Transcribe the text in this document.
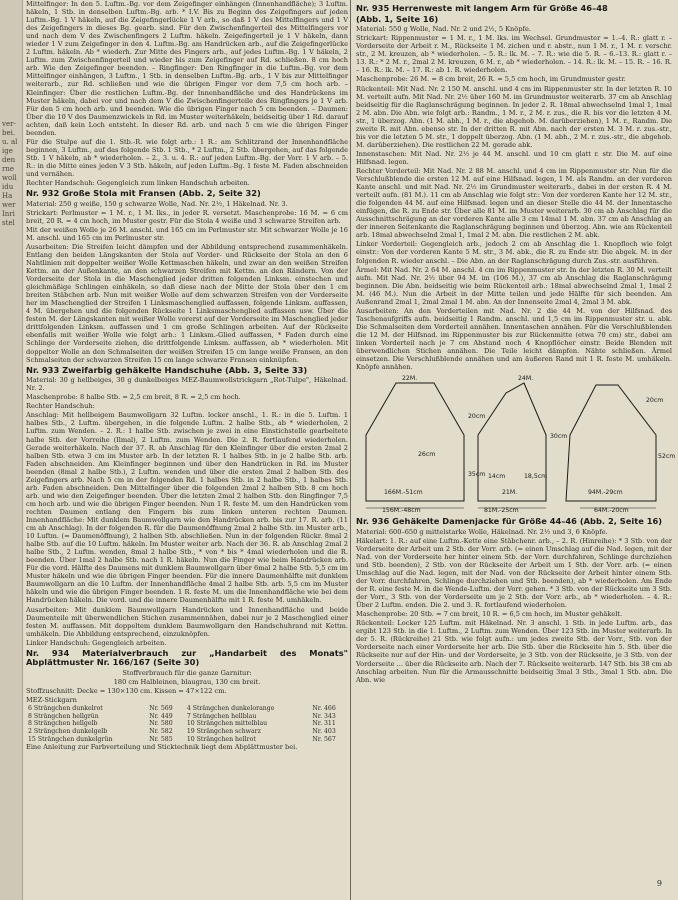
ver-
bei.
u. al
ige
den
rne
woll
idu
Ha
wer
Inri
stel

Mittelfinger: In den 5. Luftm.-Bg. vor dem Zeigefinger einhängen (Innenhandfläche); 3 Luftm. häkeln, 1 Stb. in denselben Luftm.-Bg. arb. * I.V. Bis zu Beginn des Zeigefingers auf jeden Luftm.-Bg. 1 V häkeln, auf die Zeigefingerlücke 1 V arb., so daß 1 V des Mittelfingers und 1 V des Zeigefingers in dieses Bg. gearb. sind. Für den Zwischenfingerteil des Mittelfingers vor und nach dem V des Zwischenfingers 2 Luftm. häkeln. Zeigefingerteil je 1 V häkeln, dann wieder 1 V zum Zeigefinger in den 4. Luftm.-Bg. am Handrücken arb., auf die Zeigefingerlücke 2 Luftm. häkeln. Ab * wiederh. Zur Mitte des Fingers arb., auf jedes Luftm.-Bg. 1 V häkeln, 2 Luftm. zum Zwischenfingerteil und wieder bis zum Zeigefinger auf Rd. schließen. 8 cm hoch arb. Wie den Zeigefinger beenden. – Ringfinger: Den Ringfinger in die Luftm.-Bg. vor dem Mittelfinger einhängen, 3 Luftm., 1 Stb. in denselben Luftm.-Bg. arb., 1 V bis zur Mittelfinger weiterarb., zur Rd. schließen und wie die übrigen Finger vor dem 7,5 cm hoch arb. – Kleinfinger: Über die restlichen Luftm.-Bg. der Innenhandfläche und des Handrückens im Muster häkeln, dabei vor und nach dem V die Zwischenfingerteile des Ringfingers je 1 V arb. Für den 5 cm hoch arb. und beenden. Wie die übrigen Finger nach 5 cm beenden. – Daumen: Über die 10 V des Daumenzwickels in Rd. im Muster weiterhäkeln, beidseitig über 1 Rd. darauf achten, daß kein Loch entsteht. In dieser Rd. arb. und nach 5 cm wie die übrigen Finger beenden.

Für die Stulpe auf die 1. Stb.-R. wie folgt arb.: 1 R.: am Schlitzrand der Innenhandfläche beginnen, 3 Luftm., auf das folgende Stb. 1 Stb., * 2 Luftm., 2 Stb. übergehen, auf das folgende Stb. 1 V häkeln, ab * wiederholen. – 2., 3. u. 4. R.: auf jeden Luftm.-Bg. der Vorr. 1 V arb. – 5. R.: in die Mitte eines jeden V 3 Stb. häkeln, auf jeden Luftm.-Bg. 1 feste M. Faden abschneiden und vernähen.

Rechter Handschuh: Gegengleich zum linken Handschuh arbeiten.

Nr. 932 Große Stola mit Fransen (Abb. 2, Seite 32)

Material: 250 g weiße, 150 g schwarze Wolle, Nad. Nr. 2½, 1 Häkelnad. Nr. 3.

Strickart: Perlmuster = 1 M. r., 1 M. lks., in jeder R. versetzt. Maschenprobe: 16 M. = 6 cm breit, 20 R. = 4 cm hoch, im Muster gestr. Für die Stola 4 weiße und 3 schwarze Streifen arb.

Mit der weißen Wolle je 26 M. anschl. und 165 cm im Perlmuster str. Mit schwarzer Wolle je 16 M. anschl. und 165 cm im Perlmuster str.

Ausarbeiten: Die Streifen leicht dämpfen und der Abbildung entsprechend zusammenhäkeln. Entlang den beiden Längskanten der Stola auf Vorder- und Rückseite der Stola an den 6 Nahtlinien mit doppelter weißer Wolle Kettmaschen häkeln, und zwar an den weißen Streifen Kettm. an der Außenkante, an den schwarzen Streifen mit Kettm. an den Rändern. Von der Vorderseite der Stola in die Maschenglied jeder dritten folgenden Linksm. einstechen und gleichmäßige Schlingen einhäkeln, so daß diese nach der Mitte der Stola über den 1 cm breiten Stäbchen arb. Nun mit weißer Wolle auf dem schwarzen Streifen von der Vorderseite her im Maschenglied der Streifen 1 Linksmaschenglied auffassen, folgende Linksm. auffassen, 4 M. übergehen und die folgenden Rückseite 1 Linksmaschenglied auffassen usw. Über die festen M. der Längskanten mit weißer Wolle vorerst auf der Vorderseite im Maschenglied jeder drittfolgenden Linksm. auffassen und 1 cm große Schlingen arbeiten. Auf der Rückseite ebenfalls mit weißer Wolle wie folgt arb.: 1 Linksm.-Glied auffassen, * Faden durch eine Schlinge der Vorderseite ziehen, die drittfolgende Linksm. auffassen, ab * wiederholen. Mit doppelter Wolle an den Schmalseiten der weißen Streifen 15 cm lange weiße Fransen, an den Schmalseiten der schwarzen Streifen 15 cm lange schwarze Fransen einknüpfen.

Nr. 933 Zweifarbig gehäkelte Handschuhe (Abb. 3, Seite 33)

Material: 30 g hellbeiges, 30 g dunkelbeiges MEZ-Baumwollstrickgarn „Rot-Tulpe", Häkelnad. Nr. 2.

Maschenprobe: 8 halbe Stb. = 2,5 cm breit, 8 R. = 2,5 cm hoch.

Rechter Handschuh:

Anschlag: Mit hellbeigem Baumwollgarn 32 Luftm. locker anschl., 1. R.: in die 5. Luftm. 1 halbes Stb., 2 Luftm. übergehen, in die folgende Luftm. 2 halbe Stb., ab * wiederholen, 2 Luftm. zum Wenden. – 2. R.: 1 halbe Stb. zwischen je zwei in eine Einstichstelle gearbeitete halbe Stb. der Vorreihe (Ilmal), 2 Luftm. zum Wenden. Die 2. R. fortlaufend wiederholen. Gerade weiterhäkeln. Nach der 37. R. ab Anschlag für den Kleinfinger über die ersten 2mal 2 halben Stb. etwa 3 cm im Muster arb. In der letzten R. 1 halbes Stb. in je 2 halbe Stb. arb. Faden abschneiden. Am Kleinfinger beginnen und über den Handrücken in Rd. im Muster beenden (8mal 2 halbe Stb.), 2 Luftm. wenden und über die ersten 2mal 2 halben Stb. des Zeigefingers arb. Nach 5 cm in der folgenden Rd. 1 halbes Stb. in 2 halbe Stb., 1 halbes Stb. arb. Faden abschneiden. Den Mittelfinger über die folgenden 2mal 2 halben Stb. 8 cm hoch arb. und wie den Zeigefinger beenden. Über die letzten 2mal 2 halben Stb. den Ringfinger 7,5 cm hoch arb. und wie die übrigen Finger beenden. Nun 1 R. feste M. um den Handrücken vom rechten Daumen entlang den Fingern bis zum linken unteren rechten Daumen. Innenhandfläche: Mit dunklem Baumwollgarn wie den Handrücken arb. bis zur 17. R. arb. (11 cm ab Anschlag). In der folgenden R. für die Daumenöffnung 2mal 2 halbe Stb. im Muster arb., 10 Luftm. (= Daumenöffnung), 2 halben Stb. abschließen. Nun in der folgenden Rückr. 8mal 2 halbe Stb. auf die 10 Luftm. häkeln. Im Muster weiter arb. Nach der 36. R. ab Anschlag 2mal 2 halbe Stb., 2 Luftm. wenden, 8mal 2 halbe Stb., * von * bis * 4mal wiederholen und die R. beenden. Über 1mal 2 halbe Stb. nach 1 R. häkeln. Nun die Finger wie beim Handrücken arb. Für die vord. Hälfte des Daumens mit dunklem Baumwollgarn über 6mal 2 halbe Stb. 5,5 cm im Muster häkeln und wie die übrigen Finger beenden. Für die innere Daumenhälfte mit dunklem Baumwollgarn an die 10 Luftm. der Innenhandfläche 4mal 2 halbe Stb. arb. 5,5 cm im Muster häkeln und wie die übrigen Finger beenden. 1 R. feste M. um die Innenhandfläche wie bei dem Handrücken häkeln. Die vord. und die innere Daumenhälfte mit 1 R. feste M. umhäkeln.

Ausarbeiten: Mit dunklem Baumwollgarn Handrücken und Innenhandfläche und beide Daumenteile mit überwendlichen Stichen zusammennähen, dabei nur je 2 Maschenglied einer festen M. auffassen. Mit doppeltem dunklem Baumwollgarn den Handschuhrand mit Kettm. umhäkeln. Die Abbildung entsprechend, einzuknöpfen.

Linker Handschuh: Gegengleich arbeiten.

Nr. 934 Materialverbrauch zur „Handarbeit des Monats" Abplättmuster Nr. 166/167 (Seite 30)

Stoffverbrauch für die ganze Garnitur:

180 cm Halbleinen, blaugrau, 130 cm breit.

Stoffzuschnitt: Decke = 130×130 cm. Kissen = 47×122 cm.

MEZ-Stickgarn

6 Strängchen dunkelrot	Nr. 569	4 Strängchen dunkelorange	Nr. 466
8 Strängchen hellgrün	Nr. 449	7 Strängchen hellblau	Nr. 343
8 Strängchen hellgelb	Nr. 580	10 Strängchen mittelblau	Nr. 311
2 Strängchen dunkelgelb	Nr. 582	19 Strängchen schwarz	Nr. 403
15 Strängchen dunkelgrün	Nr. 585	10 Strängchen hellrot	Nr. 567

Eine Anleitung zur Farbverteilung und Sticktechnik liegt dem Abplättmuster bei.

Nr. 935 Herrenweste mit langem Arm für Größe 46–48
(Abb. 1, Seite 16)

Material: 550 g Wolle, Nad. Nr. 2 und 2½, 5 Knöpfe.

Strickart: Rippenmuster = 1 M. r., 1 M. lks. im Wechsel. Grundmuster = 1.–4. R.: glatt r. – Vorderseite der Arbeit r. M., Rückseite 1 M. zichen und r. abstr., nun 1 M. r., 1 M. r. verschr. str., 2 M. kreuzen, ab * wiederholen. – 5. R.: lk. M. – 7. R.: wie die 5. R. – 6.–13. R.: glatt r. – 13. R.: * 2 M. r., 2mal 2 M. kreuzen, 6 M. r., ab * wiederholen. – 14. R.: lk. M. – 15. R. – 16. R. – 16. R.: lk. M. – 17. R.: ab 1. R. wiederholen.

Maschenprobe: 26 M. = 8 cm breit, 26 R. = 5,5 cm hoch, im Grundmuster gestr.

Rückenteil: Mit Nad. Nr. 2 150 M. anschl. und 4 cm im Rippenmuster str. In der letzten R. 10 M. verteilt aufn. Mit Nad. Nr. 2½ über 160 M. im Grundmuster weiterarb. 37 cm ab Anschlag beidseitig für die Raglanschrägung beginnen. In jeder 2. R. 18mal abwechselnd 1mal 1, 1mal 2 M. abn. Die Abn. wie folgt arb.: Randm., 1 M. r., 2 M. r. zus., die R. bis vor die letzten 4 M. str., 1 überzog. Abn. (1 M. abh., 1 M. r., die abgehob. M. darüberziehen), 1 M. r., Randm. Die zweite R. mit Abn. ebenso str. In der dritten R. mit Abn. nach der ersten M. 3 M. r. zus.-str., bis vor die letzten 5 M. str., 1 doppelt überzog. Abn. (1 M. abh., 2 M. r. zus.-str., die abgehob. M. darüberziehen). Die restlichen 22 M. gerade abk.

Innenstaschen: Mit Nad. Nr. 2½ je 44 M. anschl. und 10 cm glatt r. str. Die M. auf eine Hilfsnad. legen.

Rechter Vorderteil: Mit Nad. Nr. 2 88 M. anschl. und 4 cm im Rippenmuster str. Nun für die Verschlußblende die ersten 12 M. auf eine Hilfsnad. legen, 1 M. als Randm. an der vorderen Kante anschl. und mit Nad. Nr. 2½ im Grundmuster weiterarb., dabei in der ersten R. 4 M. verteilt aufn. (81 M.). 11 cm ab Anschlag wie folgt str.: Von der vorderen Kante her 12 M. str., die folgenden 44 M. auf eine Hilfsnad. legen und an dieser Stelle die 44 M. der Innentasche einfügen, die R. zu Ende str. Über alle 81 M. im Muster weiterarb. 30 cm ab Anschlag für die Ausschnittschrägung an der vorderen Kante alle 3 cm 14mal 1 M. abn. 37 cm ab Anschlag an der inneren Seitenkante die Raglanschrägung beginnen und überzog. Abn. wie am Rückenteil arb. 18mal abwechselnd 2mal 1, 1mal 2 M. abn. Die restlichen 2 M. abk.

Linker Vorderteil: Gegengleich arb., jedoch 2 cm ab Anschlag die 1. Knopfloch wie folgt einstr.: Von der vorderen Kante 5 M. str., 3 M. abk., die R. zu Ende str. Die abgek. M. in der folgenden R. wieder anschl. – Die Abn. an der Raglanschrägung durch Zus.-str. ausführen.

Ärmel: Mit Nad. Nr. 2 64 M. anschl. 4 cm im Rippenmuster str. In der letzten R. 30 M. verteilt aufn. Mit Nad. Nr. 2½ über 94 M. im (106 M.), 37 cm ab Anschlag die Raglanschrägung beginnen. Die Abn. beidseitig wie beim Rückenteil arb.: 18mal abwechselnd 2mal 1, 1mal 2 M. (46 M.). Nun die Arbeit in der Mitte teilen und jede Hälfte für sich beenden. Am Außenrand 2mal 1, 2mal 2mal 1 M. abn. An der Innenseite 2mal 4, 2mal 3 M. abk.

Ausarbeiten: An den Vorderteilen mit Nad. Nr. 2 die 44 M. von der Hilfsnad. des Taschenaufgriffs aufn. beidseitig 1 Randm. anschl. und 1,5 cm im Rippenmuster str. u. abk. Die Schmalseiten dem Vorderteil annähen. Innentaschen annähen. Für die Verschlußblenden die 12 M. der Hilfsnad. im Rippenmuster bis zur Rückenmitte (etwa 70 cm) str., dabei am linken Vorderteil nach je 7 cm Abstand noch 4 Knopflöcher einstr. Beide Blenden mit überwendlichen Stichen annähen. Die Teile leicht dämpfen. Nähte schließen. Ärmel einsetzen. Die Verschlußblende annähen und am äußeren Rand mit 1 R. feste M. umhäkeln. Knöpfe annähen.

22M.	24M.
20cm
20cm
166M.-51cm
156M.-48cm	81M.-25cm
21M.
18,5cm
94M.-29cm
64M.-20cm
26cm	52cm
35cm
30cm
14cm
Nr. 936 Gehäkelte Damenjacke für Größe 44–46 (Abb. 2, Seite 16)

Material: 600–650 g mittelstarke Wolle, Häkelnad. Nr. 2½ und 3, 6 Knöpfe.

Häkelart: 1. R.: auf eine Luftm.-Kette eine Stäbchenr. arb., – 2. R. (Hinreihe): * 3 Stb. von der Vorderseite der Arbeit um 2 Stb. der Vorr. arb. (= einen Umschlag auf die Nad. legen, mit der Nad. von der Vorderseite her hinter einem Stb. der Vorr. durchfahren, Schlinge durchziehen und Stb. beenden), 2 Stb. von der Rückseite der Arbeit um 1 Stb. der Vorr. arb. (= einen Umschlag auf die Nad. legen, mit der Nad. von der Rückseite der Arbeit hinter einem Stb. der Vorr. durchfahren, Schlinge durchziehen und Stb. beenden), ab * wiederholen. Am Ende der R. eine feste M. in die Wende-Luftm. der Vorr. gehen. * 3 Stb. von der Rückseite um 3 Stb. der Vorr., 3 Stb. von der Vorderseite um je 2 Stb. der Vorr. arb., ab * wiederholen. – 4. R.: Über 2 Luftm. enden. Die 2. und 3. R. fortlaufend wiederholen.

Maschenprobe: 20 Stb. = 7 cm breit, 10 R. = 6,5 cm hoch, im Muster gehäkelt.

Rückenteil: Locker 125 Luftm. mit Häkelnad. Nr. 3 anschl. 1 Stb. in jede Luftm. arb., das ergibt 123 Stb. in die 1. Luftm., 2 Luftm. zum Wenden. Über 123 Stb. im Muster weiterarb. In der 5. R. (Rückreihe) 21 Stb. wie folgt aufn.: um jedes zweite Stb. der Vorr., Stb. von der Vorderseite nach einer Vorderseite her arb. Die Stb. über die Rückseite hin 5. Stb. über die Rückseite nur auf der Hin- und der Vorderseite, je 3 Stb. von der Rückseite, je 3 Stb. von der Vorderseite ... über die Rückseite arb. Nach der 7. Rückseite weiterarb. 147 Stb. bis 38 cm ab Anschlag arbeiten. Nun für die Armausschnitte beidseitig 3mal 3 Stb., 3mal 1 Stb. abn. Die Abn. wie

9
